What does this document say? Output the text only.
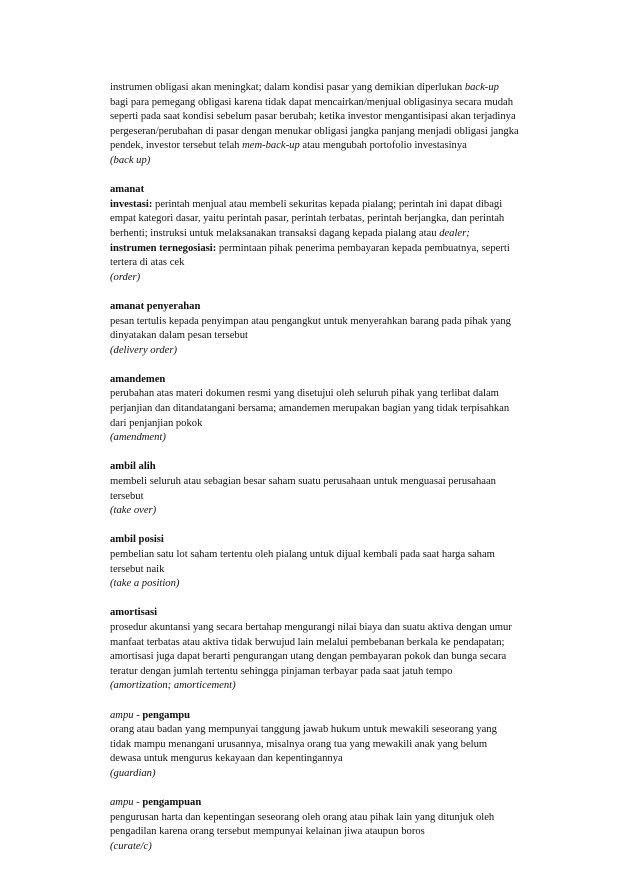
instrumen obligasi akan meningkat; dalam kondisi pasar yang demikian diperlukan back-up

bagi para pemegang obligasi karena tidak dapat mencairkan/menjual obligasinya secara mudah

seperti pada saat kondisi sebelum pasar berubah; ketika investor mengantisipasi akan terjadinya

pergeseran/perubahan di pasar dengan menukar obligasi jangka panjang menjadi obligasi jangka

pendek, investor tersebut telah mem-back-up atau mengubah portofolio investasinya

(back up)

amanat

investasi: perintah menjual atau membeli sekuritas kepada pialang; perintah ini dapat dibagi

empat kategori dasar, yaitu perintah pasar, perintah terbatas, perintah berjangka, dan perintah

berhenti; instruksi untuk melaksanakan transaksi dagang kepada pialang atau dealer;

instrumen ternegosiasi: permintaan pihak penerima pembayaran kepada pembuatnya, seperti

tertera di atas cek

(order)

amanat penyerahan

pesan tertulis kepada penyimpan atau pengangkut untuk menyerahkan barang pada pihak yang

dinyatakan dalam pesan tersebut

(delivery order)

amandemen

perubahan atas materi dokumen resmi yang disetujui oleh seluruh pihak yang terlibat dalam

perjanjian dan ditandatangani bersama; amandemen merupakan bagian yang tidak terpisahkan

dari penjanjian pokok

(amendment)

ambil alih

membeli seluruh atau sebagian besar saham suatu perusahaan untuk menguasai perusahaan

tersebut

(take over)

ambil posisi

pembelian satu lot saham tertentu oleh pialang untuk dijual kembali pada saat harga saham

tersebut naik

(take a position)

amortisasi

prosedur akuntansi yang secara bertahap mengurangi nilai biaya dan suatu aktiva dengan umur

manfaat terbatas atau aktiva tidak berwujud lain melalui pembebanan berkala ke pendapatan;

amortisasi juga dapat berarti pengurangan utang dengan pembayaran pokok dan bunga secara

teratur dengan jumlah tertentu sehingga pinjaman terbayar pada saat jatuh tempo

(amortization; amorticement)

ampu - pengampu

orang atau badan yang mempunyai tanggung jawab hukum untuk mewakili seseorang yang

tidak mampu menangani urusannya, misalnya orang tua yang mewakili anak yang belum

dewasa untuk mengurus kekayaan dan kepentingannya

(guardian)

ampu - pengampuan

pengurusan harta dan kepentingan seseorang oleh orang atau pihak lain yang ditunjuk oleh

pengadilan karena orang tersebut mempunyai kelainan jiwa ataupun boros

(curate/c)
